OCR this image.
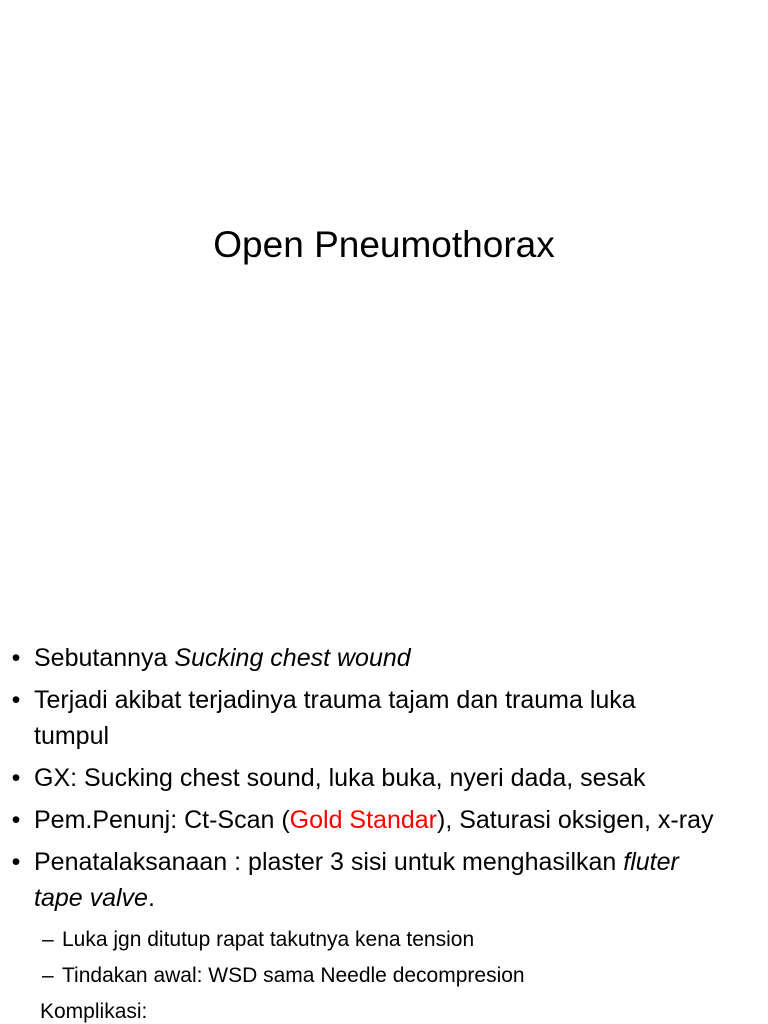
Open Pneumothorax
• Sebutannya Sucking chest wound
• Terjadi akibat terjadinya trauma tajam dan trauma luka
tumpul
• GX: Sucking chest sound, luka buka, nyeri dada, sesak
• Pem.Penunj: Ct-Scan (Gold Standar), Saturasi oksigen, x-ray
• Penatalaksanaan : plaster 3 sisi untuk menghasilkan fluter
tape valve.
– Luka jgn ditutup rapat takutnya kena tension
– Tindakan awal: WSD sama Needle decompresion
Komplikasi:
